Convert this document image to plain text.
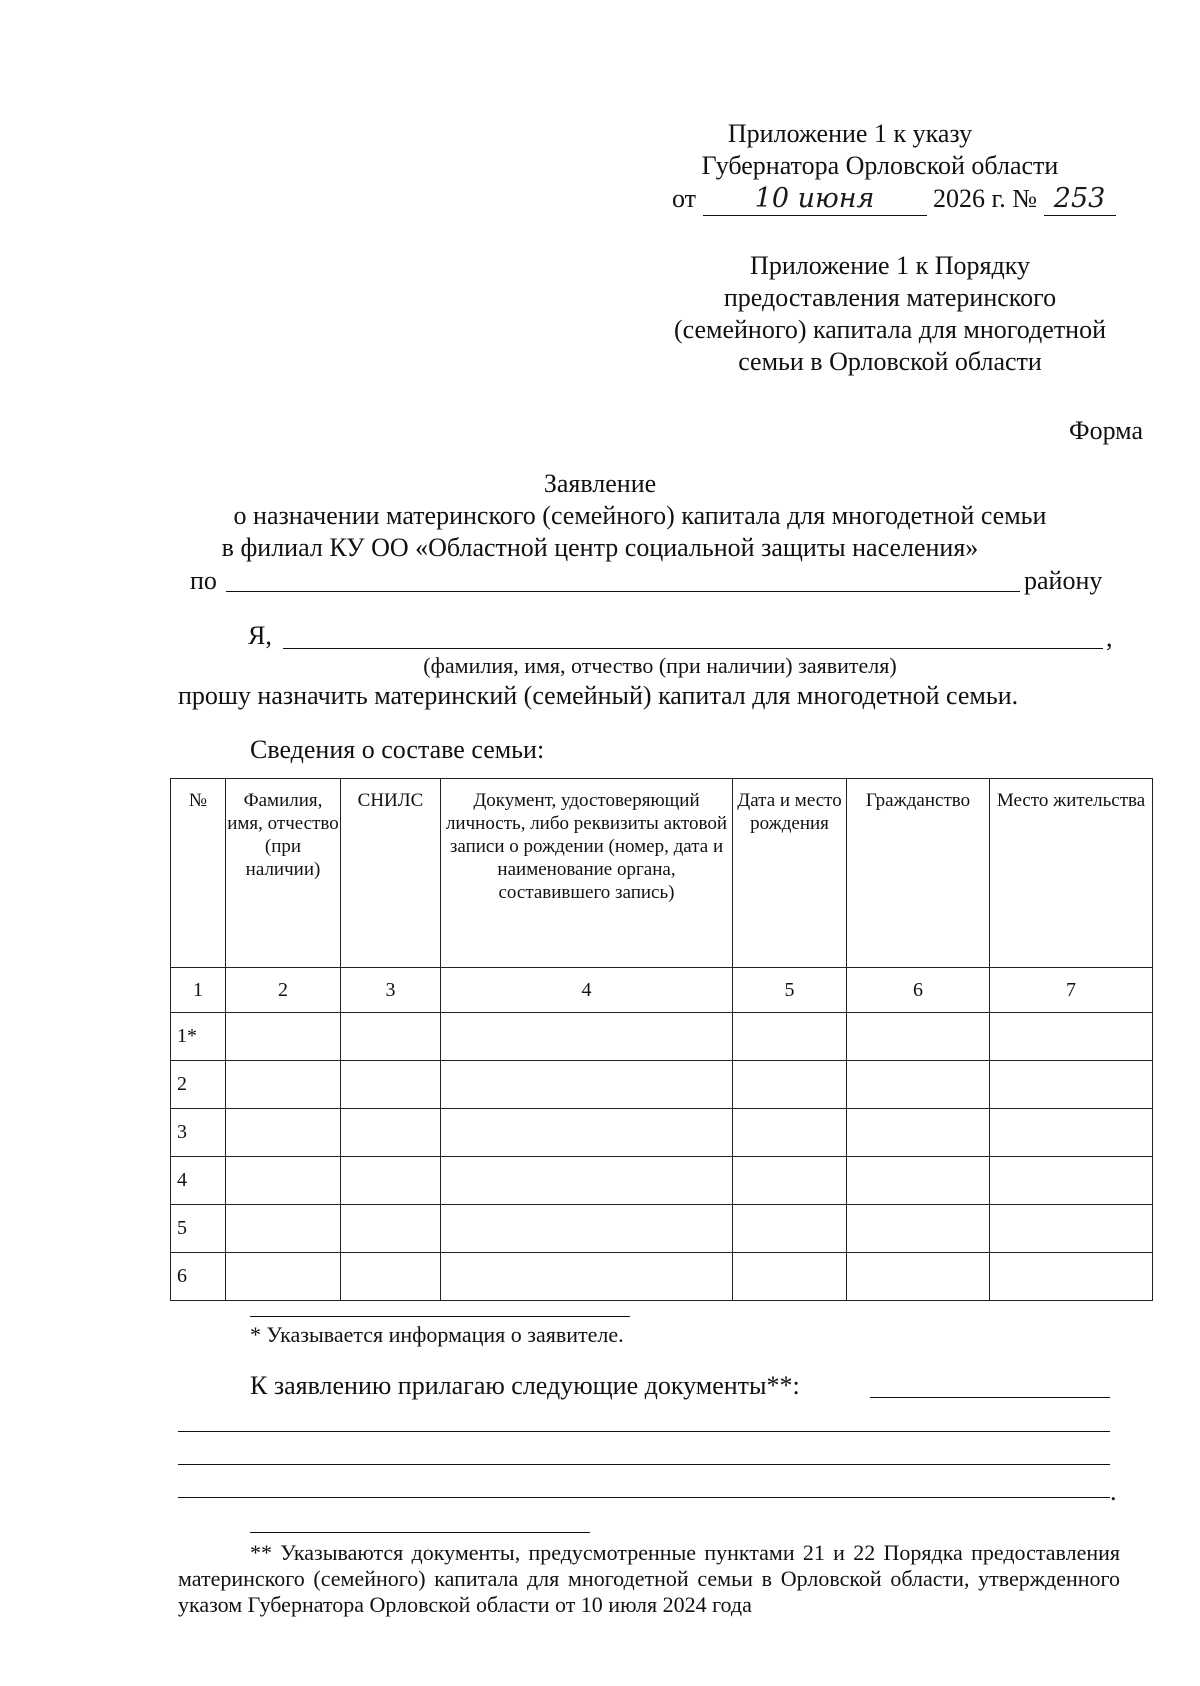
Приложение 1 к указу
Губернатора Орловской области
от 10 июня 2026 г. № 253
Приложение 1 к Порядку
предоставления материнского
(семейного) капитала для многодетной
семьи в Орловской области
Форма
Заявление
о назначении материнского (семейного) капитала для многодетной семьи
в филиал КУ ОО «Областной центр социальной защиты населения»
по	району
Я,	,
(фамилия, имя, отчество (при наличии) заявителя)
прошу назначить материнский (семейный) капитал для многодетной семьи.
Сведения о составе семьи:
№	Фамилия, имя, отчество (при наличии)	СНИЛС	Документ, удостоверяющий личность, либо реквизиты актовой записи о рождении (номер, дата и наименование органа, составившего запись)	Дата и место рождения	Гражданство	Место жительства
1	2	3	4	5	6	7
1*						
2						
3						
4						
5						
6						
* Указывается информация о заявителе.
К заявлению прилагаю следующие документы**:
.
** Указываются документы, предусмотренные пунктами 21 и 22 Порядка предоставления материнского (семейного) капитала для многодетной семьи в Орловской области, утвержденного указом Губернатора Орловской области от 10 июля 2024 года
